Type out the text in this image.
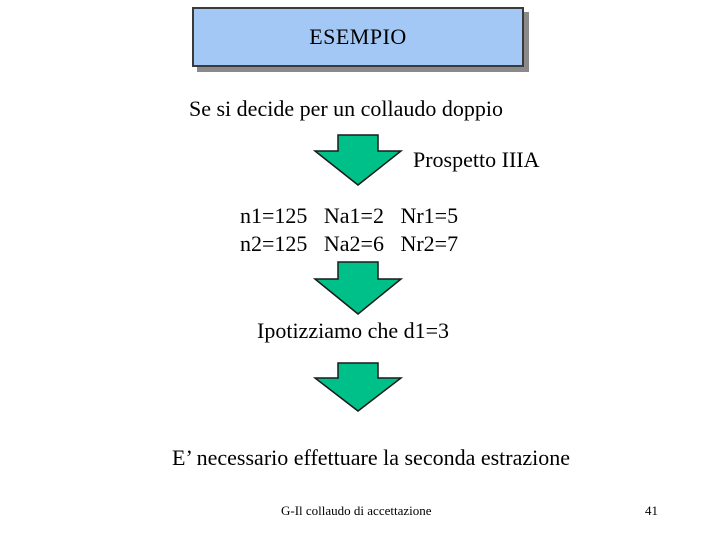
ESEMPIO
Se si decide per un collaudo doppio
Prospetto IIIA
n1=125   Na1=2   Nr1=5
n2=125   Na2=6   Nr2=7
Ipotizziamo che d1=3
E’ necessario effettuare la seconda estrazione
G-Il collaudo di accettazione	41
